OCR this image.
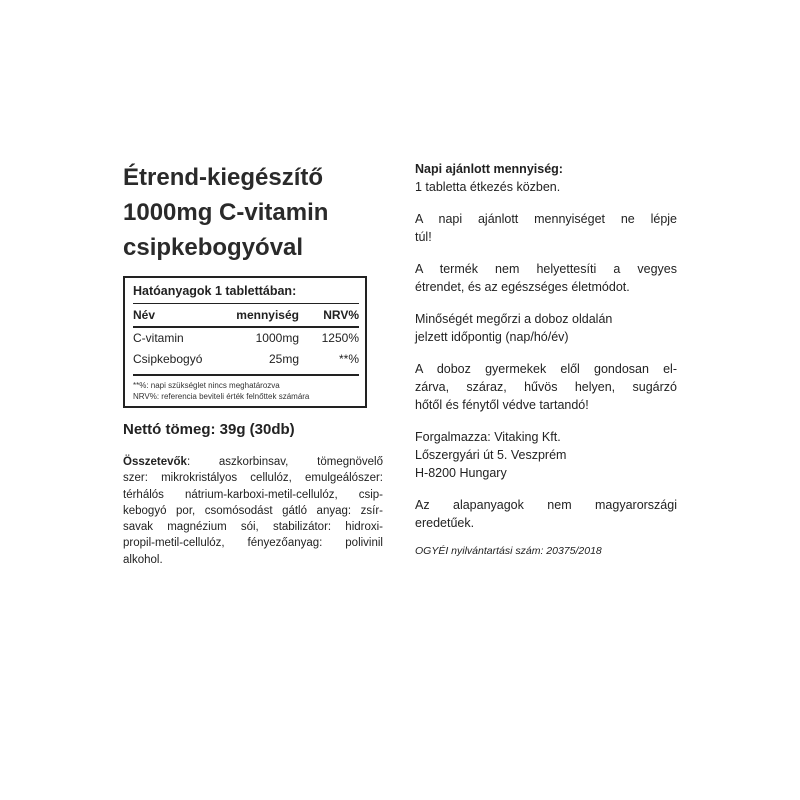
Étrend-kiegészítő
1000mg C-vitamin
csipkebogyóval
Hatóanyagok 1 tablettában:
Név	mennyiség	NRV%
C-vitamin	1000mg	1250%
Csipkebogyó	25mg	**%
**%: napi szükséglet nincs meghatározva
NRV%: referencia beviteli érték felnőttek számára
Nettó tömeg: 39g (30db)
Összetevők: aszkorbinsav, tömegnövelő
szer: mikrokristályos cellulóz, emulgeálószer:
térhálós nátrium-karboxi-metil-cellulóz, csip-
kebogyó por, csomósodást gátló anyag: zsír-
savak magnézium sói, stabilizátor: hidroxi-
propil-metil-cellulóz, fényezőanyag: polivinil
alkohol.
Napi ajánlott mennyiség:
1 tabletta étkezés közben.
A napi ajánlott mennyiséget ne lépje
túl!
A termék nem helyettesíti a vegyes
étrendet, és az egészséges életmódot.
Minőségét megőrzi a doboz oldalán
jelzett időpontig (nap/hó/év)
A doboz gyermekek elől gondosan el-
zárva, száraz, hűvös helyen, sugárzó
hőtől és fénytől védve tartandó!
Forgalmazza: Vitaking Kft.
Lőszergyári út 5. Veszprém
H-8200 Hungary
Az alapanyagok nem magyarországi
eredetűek.
OGYÉI nyilvántartási szám: 20375/2018
